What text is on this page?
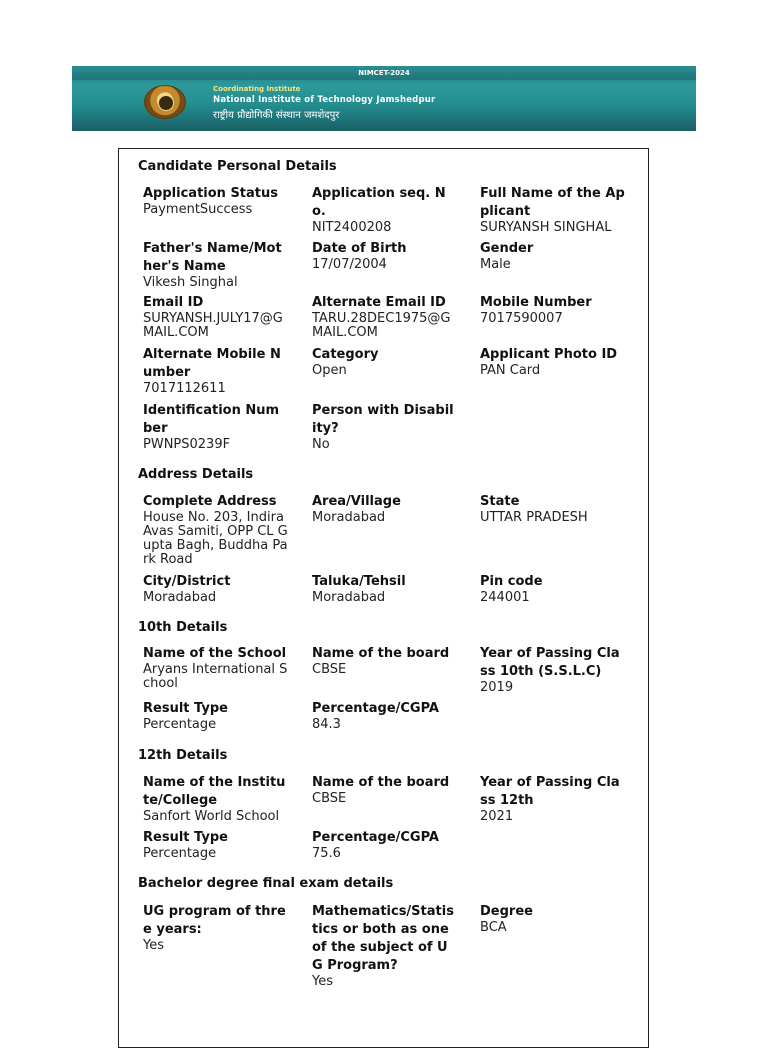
NIMCET-2024
Coordinating Institute
National Institute of Technology Jamshedpur
राष्ट्रीय प्रौद्योगिकी संस्थान जमशेदपुर
Candidate Personal Details
Application Status
PaymentSuccess
Application seq. No.
NIT2400208
Full Name of the Applicant
SURYANSH SINGHAL
Father's Name/Mother's Name
Vikesh Singhal
Date of Birth
17/07/2004
Gender
Male
Email ID
SURYANSH.JULY17@GMAIL.COM
Alternate Email ID
TARU.28DEC1975@GMAIL.COM
Mobile Number
7017590007
Alternate Mobile Number
7017112611
Category
Open
Applicant Photo ID
PAN Card
Identification Number
PWNPS0239F
Person with Disability?
No
Address Details
Complete Address
House No. 203, Indira Avas Samiti, OPP CL Gupta Bagh, Buddha Park Road
Area/Village
Moradabad
State
UTTAR PRADESH
City/District
Moradabad
Taluka/Tehsil
Moradabad
Pin code
244001
10th Details
Name of the School
Aryans International School
Name of the board
CBSE
Year of Passing Class 10th (S.S.L.C)
2019
Result Type
Percentage
Percentage/CGPA
84.3
12th Details
Name of the Institute/College
Sanfort World School
Name of the board
CBSE
Year of Passing Class 12th
2021
Result Type
Percentage
Percentage/CGPA
75.6
Bachelor degree final exam details
UG program of three years:
Yes
Mathematics/Statistics or both as one of the subject of UG Program?
Yes
Degree
BCA
